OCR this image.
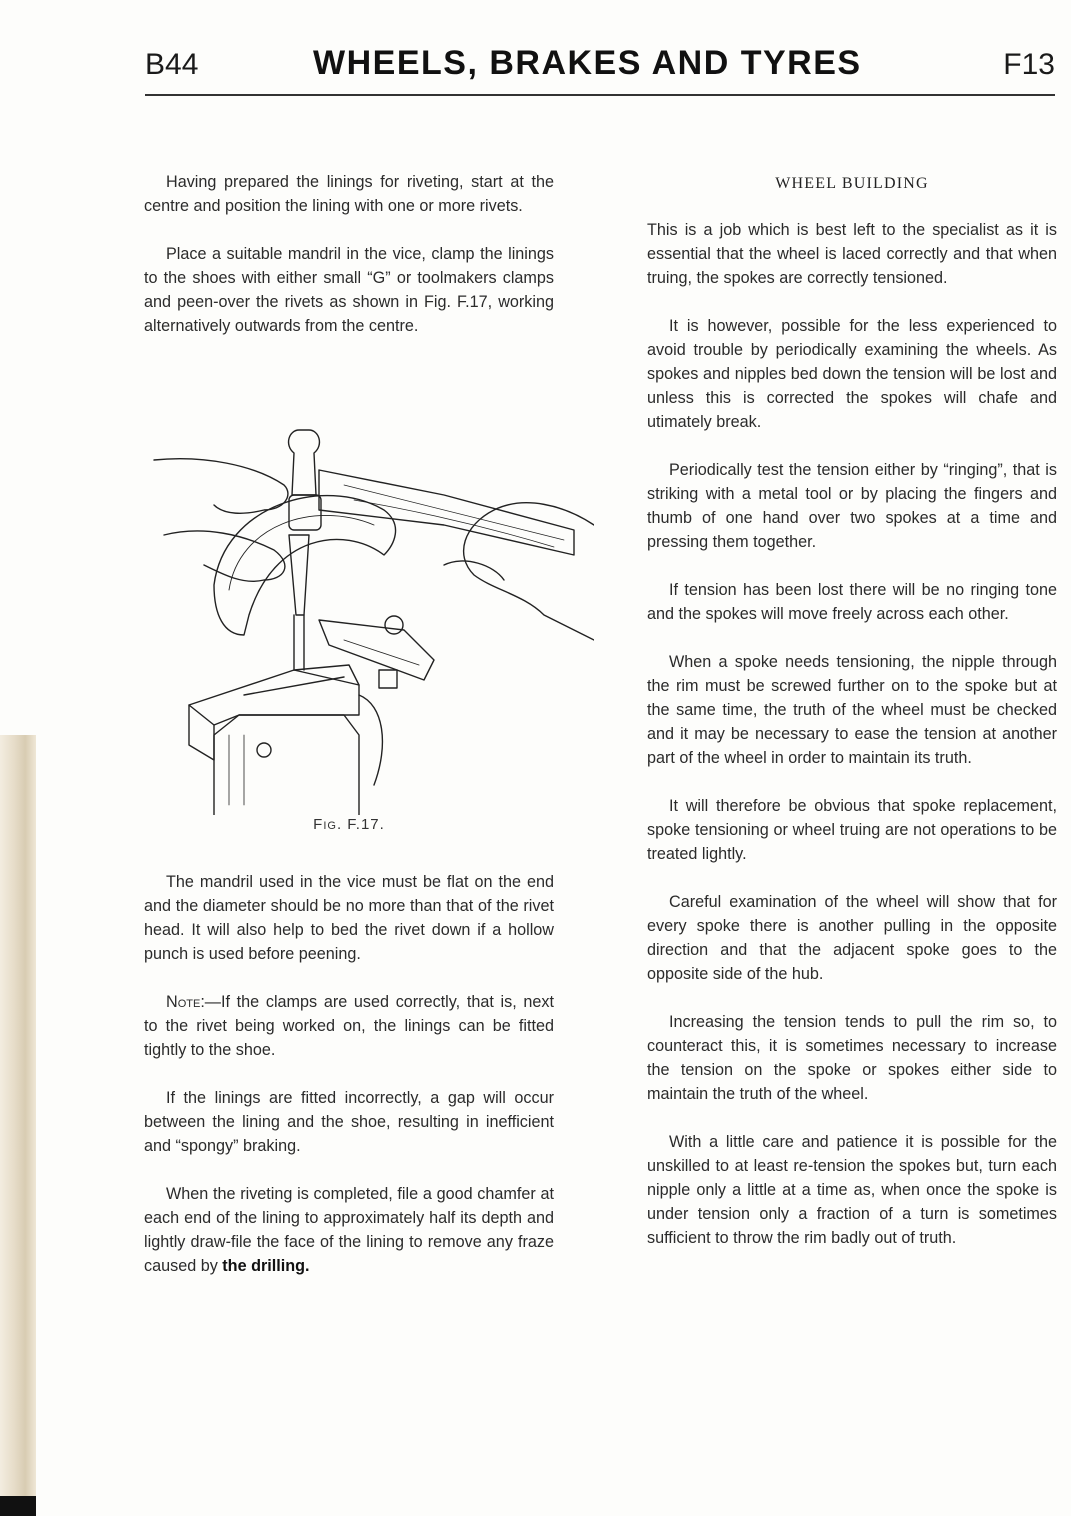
B44	WHEELS, BRAKES AND TYRES	F13

Having prepared the linings for riveting, start at the centre and position the lining with one or more rivets.

Place a suitable mandril in the vice, clamp the linings to the shoes with either small “G” or toolmakers clamps and peen-over the rivets as shown in Fig. F.17, working alternatively outwards from the centre.

Fig. F.17.

The mandril used in the vice must be flat on the end and the diameter should be no more than that of the rivet head. It will also help to bed the rivet down if a hollow punch is used before peening.

Note:—If the clamps are used correctly, that is, next to the rivet being worked on, the linings can be fitted tightly to the shoe.

If the linings are fitted incorrectly, a gap will occur between the lining and the shoe, resulting in inefficient and “spongy” braking.

When the riveting is completed, file a good chamfer at each end of the lining to approximately half its depth and lightly draw-file the face of the lining to remove any fraze caused by the drilling.

WHEEL BUILDING

This is a job which is best left to the specialist as it is essential that the wheel is laced correctly and that when truing, the spokes are correctly tensioned.

It is however, possible for the less experienced to avoid trouble by periodically examining the wheels. As spokes and nipples bed down the tension will be lost and unless this is corrected the spokes will chafe and utimately break.

Periodically test the tension either by “ringing”, that is striking with a metal tool or by placing the fingers and thumb of one hand over two spokes at a time and pressing them together.

If tension has been lost there will be no ringing tone and the spokes will move freely across each other.

When a spoke needs tensioning, the nipple through the rim must be screwed further on to the spoke but at the same time, the truth of the wheel must be checked and it may be necessary to ease the tension at another part of the wheel in order to maintain its truth.

It will therefore be obvious that spoke replacement, spoke tensioning or wheel truing are not operations to be treated lightly.

Careful examination of the wheel will show that for every spoke there is another pulling in the opposite direction and that the adjacent spoke goes to the opposite side of the hub.

Increasing the tension tends to pull the rim so, to counteract this, it is sometimes necessary to increase the tension on the spoke or spokes either side to maintain the truth of the wheel.

With a little care and patience it is possible for the unskilled to at least re-tension the spokes but, turn each nipple only a little at a time as, when once the spoke is under tension only a fraction of a turn is sometimes sufficient to throw the rim badly out of truth.
